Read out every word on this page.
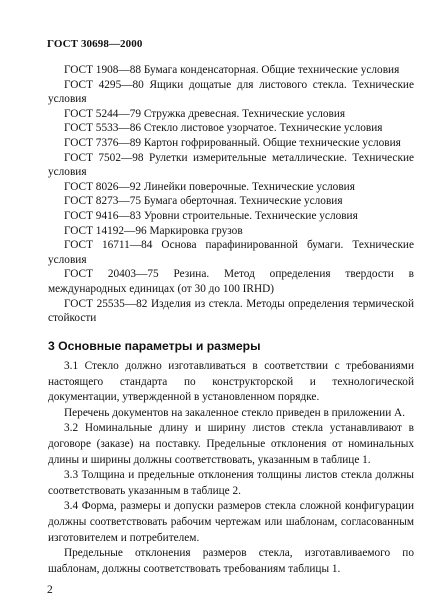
ГОСТ 30698—2000

ГОСТ 1908—88 Бумага конденсаторная. Общие технические условия

ГОСТ 4295—80 Ящики дощатые для листового стекла. Технические условия

ГОСТ 5244—79 Стружка древесная. Технические условия

ГОСТ 5533—86 Стекло листовое узорчатое. Технические условия

ГОСТ 7376—89 Картон гофрированный. Общие технические условия

ГОСТ 7502—98 Рулетки измерительные металлические. Технические условия

ГОСТ 8026—92 Линейки поверочные. Технические условия

ГОСТ 8273—75 Бумага оберточная. Технические условия

ГОСТ 9416—83 Уровни строительные. Технические условия

ГОСТ 14192—96 Маркировка грузов

ГОСТ 16711—84 Основа парафинированной бумаги. Технические условия

ГОСТ 20403—75 Резина. Метод определения твердости в международных единицах (от 30 до 100 IRHD)

ГОСТ 25535—82 Изделия из стекла. Методы определения термической стойкости

3 Основные параметры и размеры

3.1 Стекло должно изготавливаться в соответствии с требованиями настоящего стандарта по конструкторской и технологической документации, утвержденной в установленном порядке.

Перечень документов на закаленное стекло приведен в приложении А.

3.2 Номинальные длину и ширину листов стекла устанавливают в договоре (заказе) на поставку. Предельные отклонения от номинальных длины и ширины должны соответствовать, указанным в таблице 1.

3.3 Толщина и предельные отклонения толщины листов стекла должны соответствовать указанным в таблице 2.

3.4 Форма, размеры и допуски размеров стекла сложной конфигурации должны соответствовать рабочим чертежам или шаблонам, согласованным изготовителем и потребителем.

Предельные отклонения размеров стекла, изготавливаемого по шаблонам, должны соответствовать требованиям таблицы 1.

2
